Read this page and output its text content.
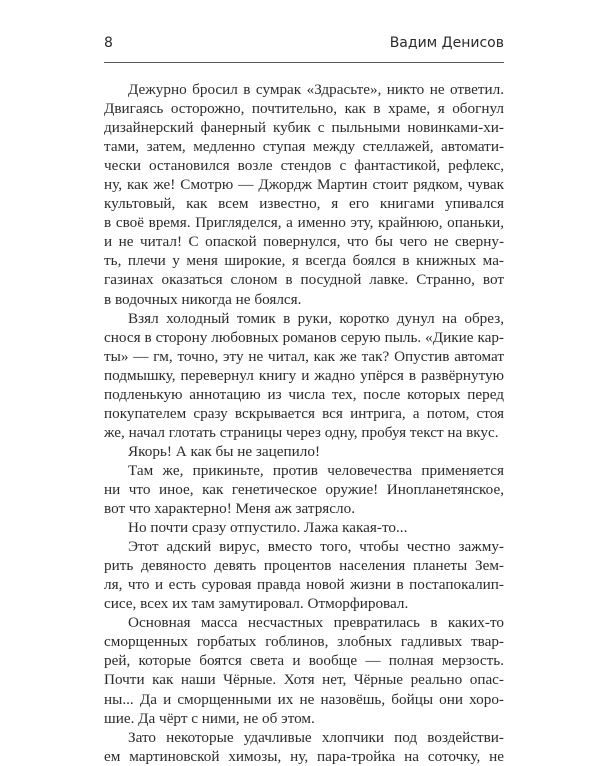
8	Вадим Денисов
Дежурно бросил в сумрак «Здрасьте», никто не ответил.
Двигаясь осторожно, почтительно, как в храме, я обогнул
дизайнерский фанерный кубик с пыльными новинками-хи-
тами, затем, медленно ступая между стеллажей, автомати-
чески остановился возле стендов с фантастикой, рефлекс,
ну, как же! Смотрю — Джордж Мартин стоит рядком, чувак
культовый, как всем известно, я его книгами упивался
в своё время. Пригляделся, а именно эту, крайнюю, опаньки,
и не читал! С опаской повернулся, что бы чего не сверну-
ть, плечи у меня широкие, я всегда боялся в книжных ма-
газинах оказаться слоном в посудной лавке. Странно, вот
в водочных никогда не боялся.
Взял холодный томик в руки, коротко дунул на обрез,
снося в сторону любовных романов серую пыль. «Дикие кар-
ты» — гм, точно, эту не читал, как же так? Опустив автомат
подмышку, перевернул книгу и жадно упёрся в развёрнутую
подленькую аннотацию из числа тех, после которых перед
покупателем сразу вскрывается вся интрига, а потом, стоя
же, начал глотать страницы через одну, пробуя текст на вкус.
Якорь! А как бы не зацепило!
Там же, прикиньте, против человечества применяется
ни что иное, как генетическое оружие! Инопланетянское,
вот что характерно! Меня аж затрясло.
Но почти сразу отпустило. Лажа какая-то...
Этот адский вирус, вместо того, чтобы честно зажму-
рить девяносто девять процентов населения планеты Зем-
ля, что и есть суровая правда новой жизни в постапокалип-
сисе, всех их там замутировал. Отморфировал.
Основная масса несчастных превратилась в каких-то
сморщенных горбатых гоблинов, злобных гадливых твар-
рей, которые боятся света и вообще — полная мерзость.
Почти как наши Чёрные. Хотя нет, Чёрные реально опас-
ны... Да и сморщенными их не назовёшь, бойцы они хоро-
шие. Да чёрт с ними, не об этом.
Зато некоторые удачливые хлопчики под воздействи-
ем мартиновской химозы, ну, пара-тройка на соточку, не
